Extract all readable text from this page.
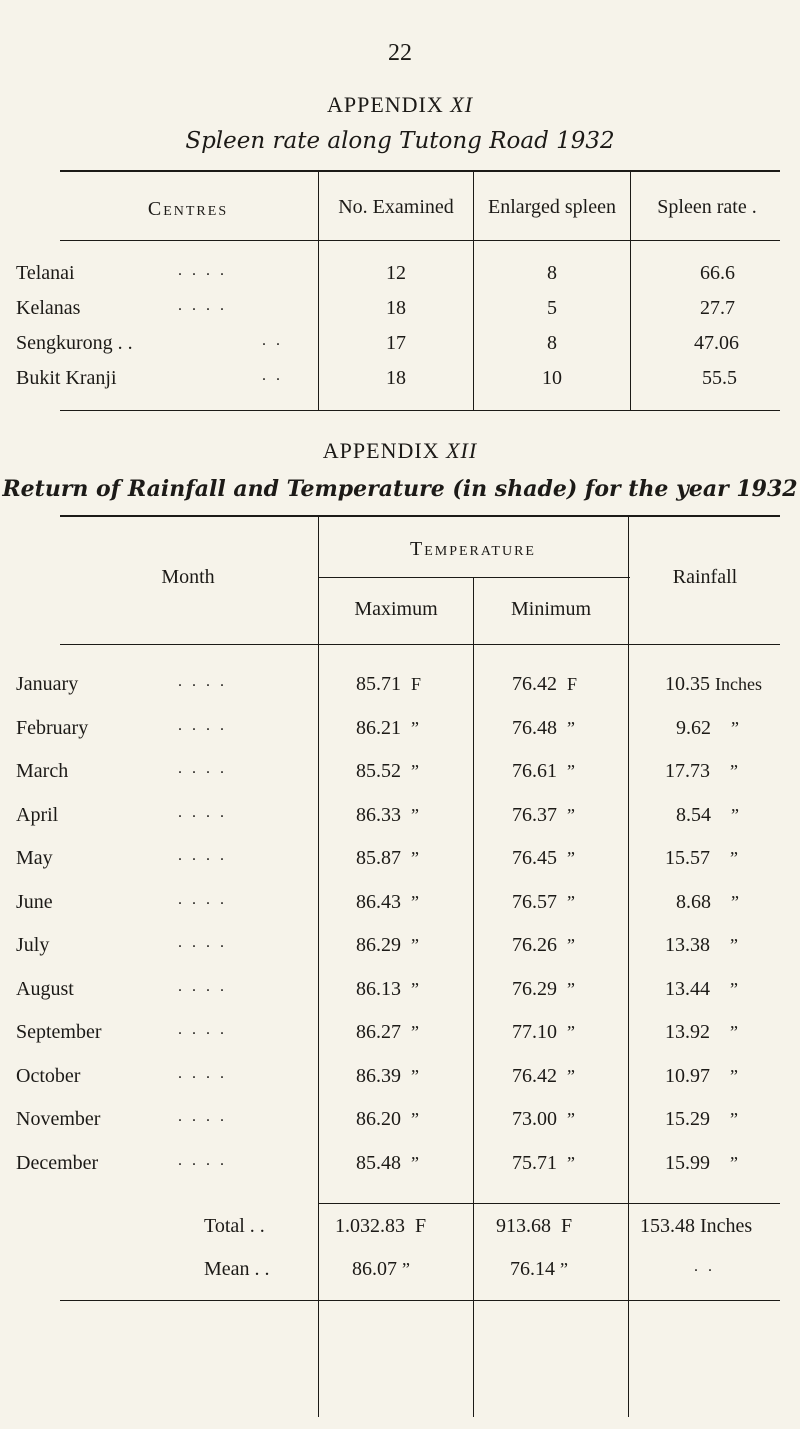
22
APPENDIX XI
Spleen rate along Tutong Road 1932
Centres	No. Examined	Enlarged spleen	Spleen rate .
Telanai	. . . .	12	8	66.6
Kelanas	. . . .	18	5	27.7
Sengkurong . .	. .	17	8	47.06
Bukit Kranji	. .	18	10	55.5
APPENDIX XII
Return of Rainfall and Temperature (in shade) for the year 1932
Temperature
Month	Rainfall
Maximum	Minimum
January	. . . .	85.71 F	76.42 F	10.35 Inches
February	. . . .	86.21 ”	76.48 ”	9.62 ”
March	. . . .	85.52 ”	76.61 ”	17.73 ”
April	. . . .	86.33 ”	76.37 ”	8.54 ”
May	. . . .	85.87 ”	76.45 ”	15.57 ”
June	. . . .	86.43 ”	76.57 ”	8.68 ”
July	. . . .	86.29 ”	76.26 ”	13.38 ”
August	. . . .	86.13 ”	76.29 ”	13.44 ”
September	. . . .	86.27 ”	77.10 ”	13.92 ”
October	. . . .	86.39 ”	76.42 ”	10.97 ”
November	. . . .	86.20 ”	73.00 ”	15.29 ”
December	. . . .	85.48 ”	75.71 ”	15.99 ”
Total . .	1.032.83 F	913.68 F	153.48 Inches
Mean . .	86.07 ”	76.14 ”	. .
